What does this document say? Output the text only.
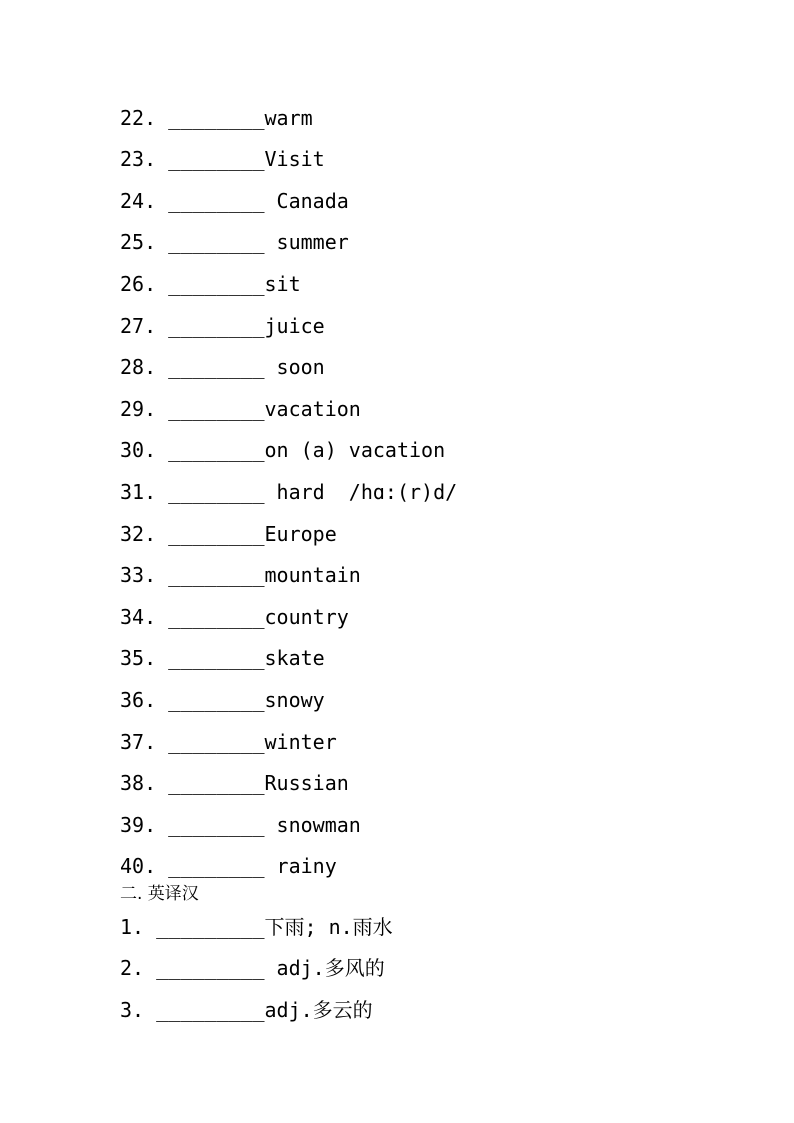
22. ________warm
23. ________Visit
24. ________ Canada
25. ________ summer
26. ________sit
27. ________juice
28. ________ soon
29. ________vacation
30. ________on (a) vacation
31. ________ hard  /hɑ:(r)d/
32. ________Europe
33. ________mountain
34. ________country
35. ________skate
36. ________snowy
37. ________winter
38. ________Russian
39. ________ snowman
40. ________ rainy
二. 英译汉
1. _________下雨; n.雨水
2. _________ adj.多风的
3. _________adj.多云的
